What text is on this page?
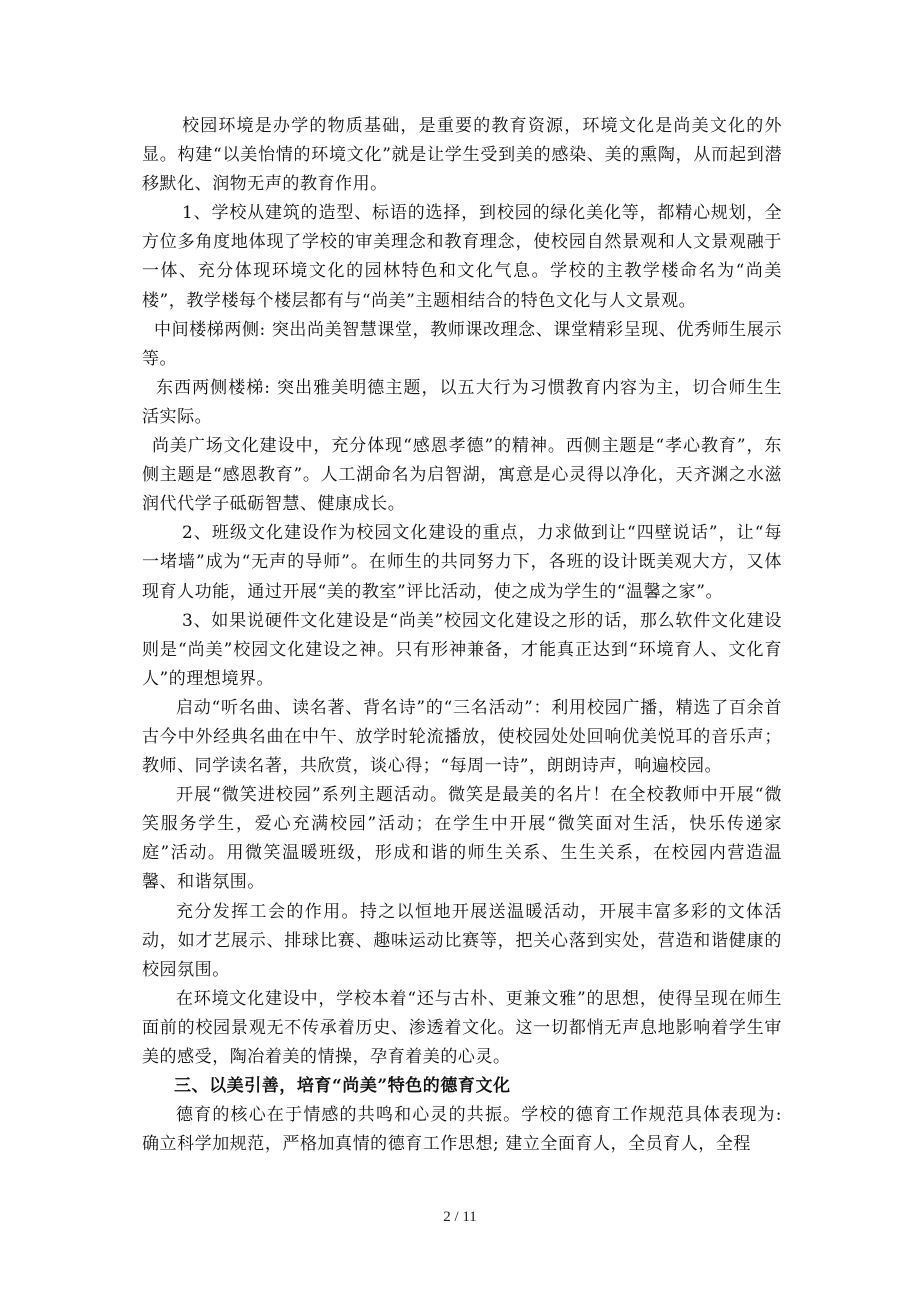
校园环境是办学的物质基础，是重要的教育资源，环境文化是尚美文化的外显。构建“以美怡情的环境文化”就是让学生受到美的感染、美的熏陶，从而起到潜移默化、润物无声的教育作用。

1、学校从建筑的造型、标语的选择，到校园的绿化美化等，都精心规划，全方位多角度地体现了学校的审美理念和教育理念，使校园自然景观和人文景观融于一体、充分体现环境文化的园林特色和文化气息。学校的主教学楼命名为“尚美楼”，教学楼每个楼层都有与“尚美”主题相结合的特色文化与人文景观。

中间楼梯两侧: 突出尚美智慧课堂，教师课改理念、课堂精彩呈现、优秀师生展示等。

东西两侧楼梯: 突出雅美明德主题，以五大行为习惯教育内容为主，切合师生生活实际。

尚美广场文化建设中，充分体现“感恩孝德”的精神。西侧主题是“孝心教育”，东侧主题是“感恩教育”。人工湖命名为启智湖，寓意是心灵得以净化，天齐渊之水滋润代代学子砥砺智慧、健康成长。

2、班级文化建设作为校园文化建设的重点，力求做到让“四壁说话”，让“每一堵墙”成为“无声的导师”。在师生的共同努力下，各班的设计既美观大方，又体现育人功能，通过开展“美的教室”评比活动，使之成为学生的“温馨之家”。

3、如果说硬件文化建设是“尚美”校园文化建设之形的话，那么软件文化建设则是“尚美”校园文化建设之神。只有形神兼备，才能真正达到“环境育人、文化育人”的理想境界。

启动“听名曲、读名著、背名诗”的“三名活动”：利用校园广播，精选了百余首古今中外经典名曲在中午、放学时轮流播放，使校园处处回响优美悦耳的音乐声；教师、同学读名著，共欣赏，谈心得；“每周一诗”，朗朗诗声，响遍校园。

开展“微笑进校园”系列主题活动。微笑是最美的名片！在全校教师中开展“微笑服务学生，爱心充满校园”活动；在学生中开展“微笑面对生活，快乐传递家庭”活动。用微笑温暖班级，形成和谐的师生关系、生生关系，在校园内营造温馨、和谐氛围。

充分发挥工会的作用。持之以恒地开展送温暖活动，开展丰富多彩的文体活动，如才艺展示、排球比赛、趣味运动比赛等，把关心落到实处，营造和谐健康的校园氛围。

在环境文化建设中，学校本着“还与古朴、更兼文雅”的思想，使得呈现在师生面前的校园景观无不传承着历史、渗透着文化。这一切都悄无声息地影响着学生审美的感受，陶冶着美的情操，孕育着美的心灵。

三、以美引善，培育“尚美”特色的德育文化

德育的核心在于情感的共鸣和心灵的共振。学校的德育工作规范具体表现为: 确立科学加规范，严格加真情的德育工作思想; 建立全面育人，全员育人，全程

2 / 11
